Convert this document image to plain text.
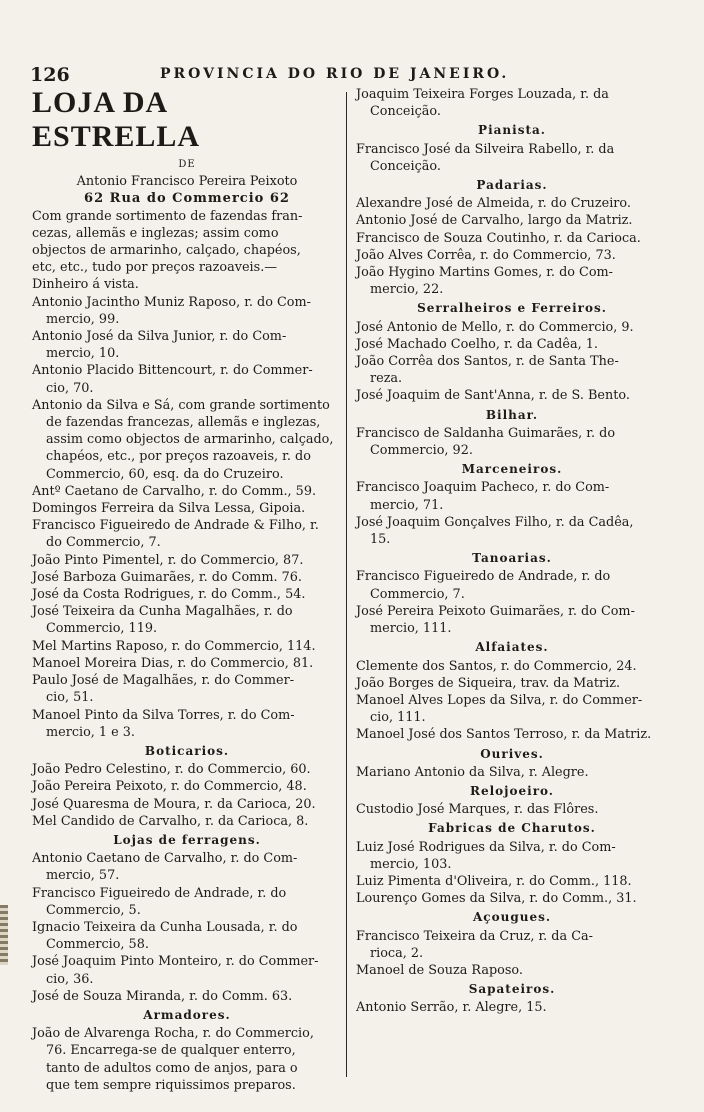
126	PROVINCIA DO RIO DE JANEIRO.

LOJA DA ESTRELLA

DE

Antonio Francisco Pereira Peixoto

62 Rua do Commercio 62

Com grande sortimento de fazendas fran-
cezas, allemãs e inglezas; assim como
objectos de armarinho, calçado, chapéos,
etc, etc., tudo por preços razoaveis.—
Dinheiro á vista.
Antonio Jacintho Muniz Raposo, r. do Com-
mercio, 99.
Antonio José da Silva Junior, r. do Com-
mercio, 10.
Antonio Placido Bittencourt, r. do Commer-
cio, 70.
Antonio da Silva e Sá, com grande sortimento
de fazendas francezas, allemãs e inglezas,
assim como objectos de armarinho, calçado,
chapéos, etc., por preços razoaveis, r. do
Commercio, 60, esq. da do Cruzeiro.
Antº Caetano de Carvalho, r. do Comm., 59.
Domingos Ferreira da Silva Lessa, Gipoia.
Francisco Figueiredo de Andrade & Filho, r.
do Commercio, 7.
João Pinto Pimentel, r. do Commercio, 87.
José Barboza Guimarães, r. do Comm. 76.
José da Costa Rodrigues, r. do Comm., 54.
José Teixeira da Cunha Magalhães, r. do
Commercio, 119.
Mel Martins Raposo, r. do Commercio, 114.
Manoel Moreira Dias, r. do Commercio, 81.
Paulo José de Magalhães, r. do Commer-
cio, 51.
Manoel Pinto da Silva Torres, r. do Com-
mercio, 1 e 3.
Boticarios.
João Pedro Celestino, r. do Commercio, 60.
João Pereira Peixoto, r. do Commercio, 48.
José Quaresma de Moura, r. da Carioca, 20.
Mel Candido de Carvalho, r. da Carioca, 8.
Lojas de ferragens.
Antonio Caetano de Carvalho, r. do Com-
mercio, 57.
Francisco Figueiredo de Andrade, r. do
Commercio, 5.
Ignacio Teixeira da Cunha Lousada, r. do
Commercio, 58.
José Joaquim Pinto Monteiro, r. do Commer-
cio, 36.
José de Souza Miranda, r. do Comm. 63.
Armadores.
João de Alvarenga Rocha, r. do Commercio,
76. Encarrega-se de qualquer enterro,
tanto de adultos como de anjos, para o
que tem sempre riquissimos preparos.
Joaquim Teixeira Forges Louzada, r. da
Conceição.
Pianista.
Francisco José da Silveira Rabello, r. da
Conceição.
Padarias.
Alexandre José de Almeida, r. do Cruzeiro.
Antonio José de Carvalho, largo da Matriz.
Francisco de Souza Coutinho, r. da Carioca.
João Alves Corrêa, r. do Commercio, 73.
João Hygino Martins Gomes, r. do Com-
mercio, 22.
Serralheiros e Ferreiros.
José Antonio de Mello, r. do Commercio, 9.
José Machado Coelho, r. da Cadêa, 1.
João Corrêa dos Santos, r. de Santa The-
reza.
José Joaquim de Sant'Anna, r. de S. Bento.
Bilhar.
Francisco de Saldanha Guimarães, r. do
Commercio, 92.
Marceneiros.
Francisco Joaquim Pacheco, r. do Com-
mercio, 71.
José Joaquim Gonçalves Filho, r. da Cadêa,
15.
Tanoarias.
Francisco Figueiredo de Andrade, r. do
Commercio, 7.
José Pereira Peixoto Guimarães, r. do Com-
mercio, 111.
Alfaiates.
Clemente dos Santos, r. do Commercio, 24.
João Borges de Siqueira, trav. da Matriz.
Manoel Alves Lopes da Silva, r. do Commer-
cio, 111.
Manoel José dos Santos Terroso, r. da Matriz.
Ourives.
Mariano Antonio da Silva, r. Alegre.
Relojoeiro.
Custodio José Marques, r. das Flôres.
Fabricas de Charutos.
Luiz José Rodrigues da Silva, r. do Com-
mercio, 103.
Luiz Pimenta d'Oliveira, r. do Comm., 118.
Lourenço Gomes da Silva, r. do Comm., 31.
Açougues.
Francisco Teixeira da Cruz, r. da Ca-
rioca, 2.
Manoel de Souza Raposo.
Sapateiros.
Antonio Serrão, r. Alegre, 15.
